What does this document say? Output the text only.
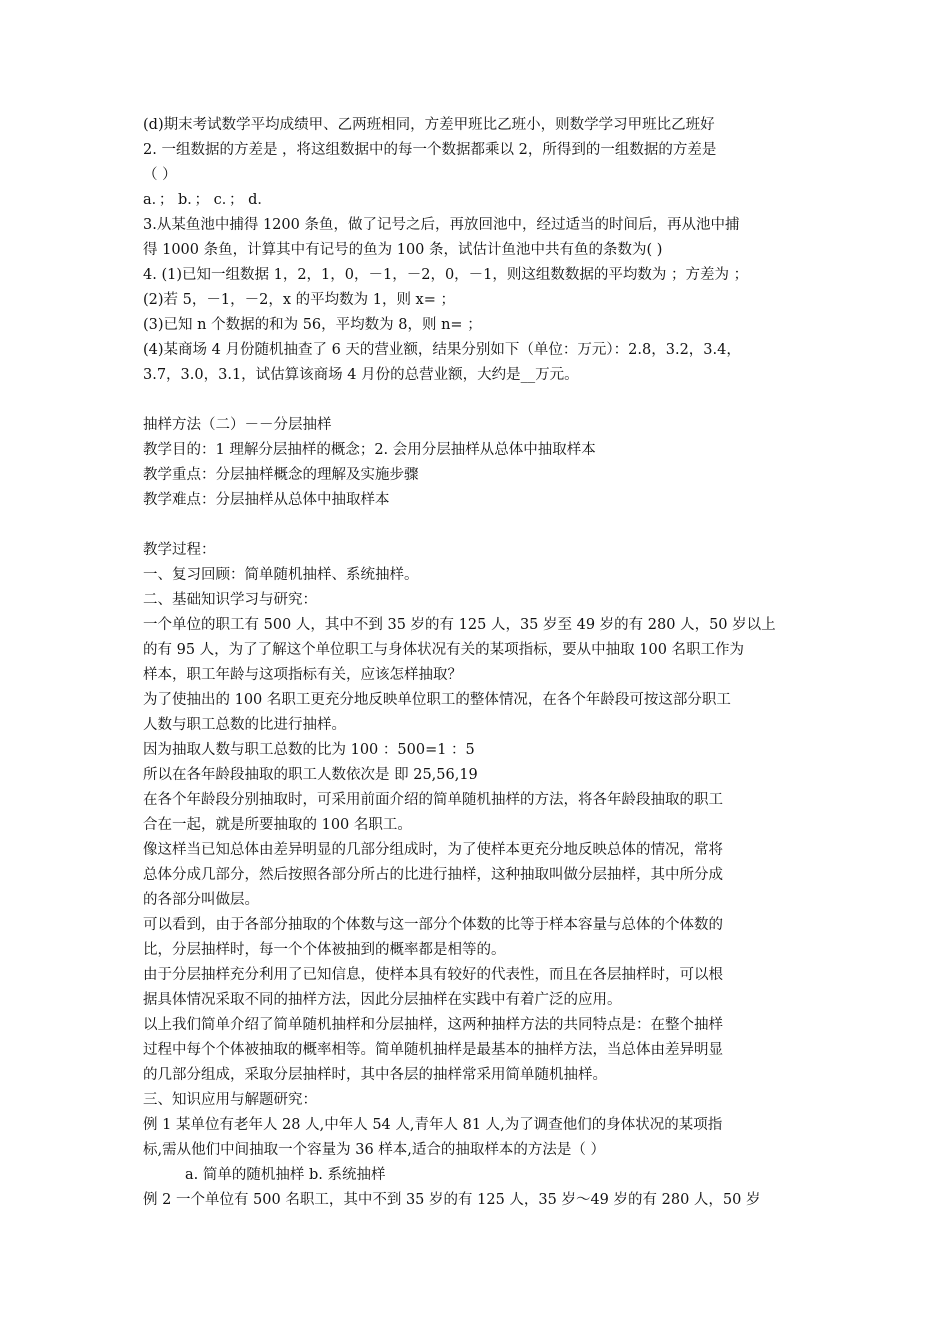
(d)期末考试数学平均成绩甲、乙两班相同，方差甲班比乙班小，则数学学习甲班比乙班好
2. 一组数据的方差是 ，将这组数据中的每一个数据都乘以 2，所得到的一组数据的方差是
（ ）
a．； b．； c．； d．
3.从某鱼池中捕得 1200 条鱼，做了记号之后，再放回池中，经过适当的时间后，再从池中捕
得 1000 条鱼，计算其中有记号的鱼为 100 条，试估计鱼池中共有鱼的条数为( )
4. (1)已知一组数据 1，2，1，0，－1，－2，0，－1，则这组数数据的平均数为 ；方差为 ；
(2)若 5，－1，－2，x 的平均数为 1，则 x= ；
(3)已知 n 个数据的和为 56，平均数为 8，则 n= ；
(4)某商场 4 月份随机抽查了 6 天的营业额，结果分别如下（单位：万元）：2.8，3.2，3.4，
3.7，3.0，3.1，试估算该商场 4 月份的总营业额，大约是__万元。
抽样方法（二）－－分层抽样
教学目的：1 理解分层抽样的概念；2. 会用分层抽样从总体中抽取样本
教学重点：分层抽样概念的理解及实施步骤
教学难点：分层抽样从总体中抽取样本
教学过程：
一、复习回顾：简单随机抽样、系统抽样。
二、基础知识学习与研究：
一个单位的职工有 500 人，其中不到 35 岁的有 125 人，35 岁至 49 岁的有 280 人，50 岁以上
的有 95 人，为了了解这个单位职工与身体状况有关的某项指标，要从中抽取 100 名职工作为
样本，职工年龄与这项指标有关，应该怎样抽取？
为了使抽出的 100 名职工更充分地反映单位职工的整体情况，在各个年龄段可按这部分职工
人数与职工总数的比进行抽样。
因为抽取人数与职工总数的比为 100 ：500=1 ：5
所以在各年龄段抽取的职工人数依次是 即 25,56,19
在各个年龄段分别抽取时，可采用前面介绍的简单随机抽样的方法，将各年龄段抽取的职工
合在一起，就是所要抽取的 100 名职工。
像这样当已知总体由差异明显的几部分组成时，为了使样本更充分地反映总体的情况，常将
总体分成几部分，然后按照各部分所占的比进行抽样，这种抽取叫做分层抽样，其中所分成
的各部分叫做层。
可以看到，由于各部分抽取的个体数与这一部分个体数的比等于样本容量与总体的个体数的
比，分层抽样时，每一个个体被抽到的概率都是相等的。
由于分层抽样充分利用了已知信息，使样本具有较好的代表性，而且在各层抽样时，可以根
据具体情况采取不同的抽样方法，因此分层抽样在实践中有着广泛的应用。
以上我们简单介绍了简单随机抽样和分层抽样，这两种抽样方法的共同特点是：在整个抽样
过程中每个个体被抽取的概率相等。简单随机抽样是最基本的抽样方法，当总体由差异明显
的几部分组成，采取分层抽样时，其中各层的抽样常采用简单随机抽样。
三、知识应用与解题研究：
例 1 某单位有老年人 28 人,中年人 54 人,青年人 81 人,为了调查他们的身体状况的某项指
标,需从他们中间抽取一个容量为 36 样本,适合的抽取样本的方法是（ ）
a. 简单的随机抽样 b. 系统抽样
例 2 一个单位有 500 名职工，其中不到 35 岁的有 125 人，35 岁～49 岁的有 280 人，50 岁
